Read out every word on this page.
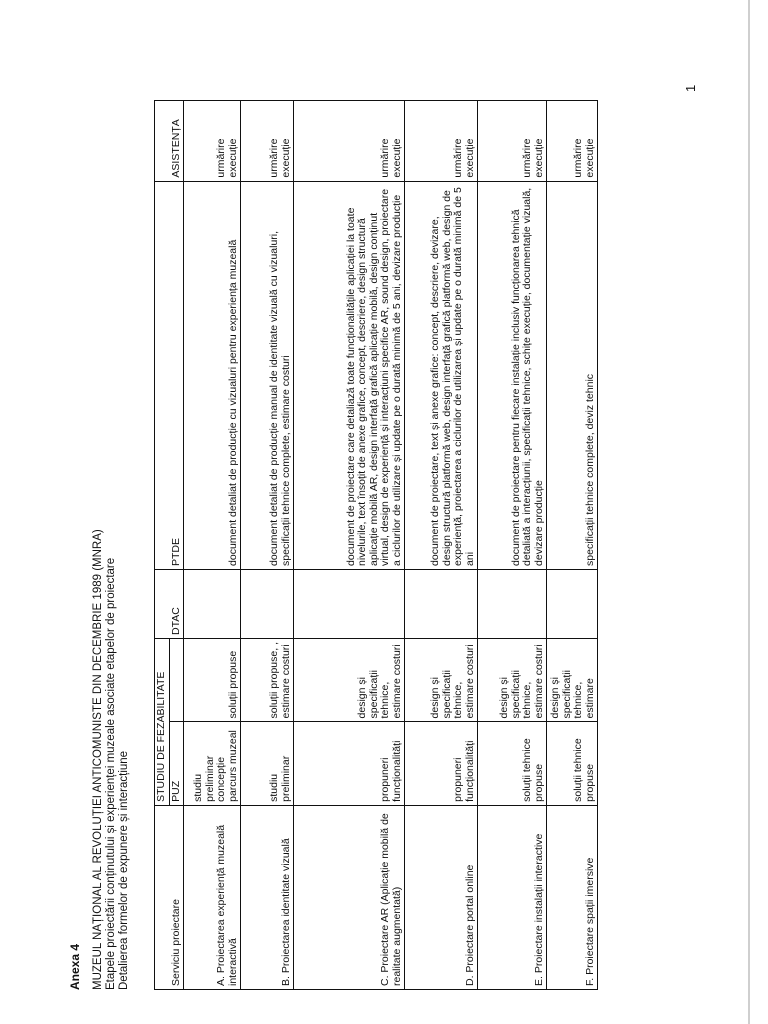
Anexa 4 MUZEUL NAȚIONAL AL REVOLUȚIEI ANTICOMUNISTE DIN DECEMBRIE 1989 (MNRA) Etapele proiectării conținutului și experienței muzeale asociate etapelor de proiectare Detalierea formelor de expunere și interacțiune	Serviciu proiectare	STUDIU DE FEZABILITATE		DTAC	PTDE	ASISTENȚA
	PUZ				
A. Proiectarea experiență muzeală interactivă	studiu preliminar concepție parcurs muzeal	soluții propuse		document detaliat de producție cu vizualuri pentru experiența muzeală	urmărire execuție
B. Proiectarea identitate vizuală	studiu preliminar	soluții propuse, , estimare costuri		document detaliat de producție manual de identitate vizuală cu vizualuri, specificații tehnice complete, estimare costuri	urmărire execuție
C. Proiectare AR (Aplicație mobilă de realitate augmentată)	propuneri funcționalități	design și specificații tehnice, estimare costuri		document de proiectare care detaliază toate funcționalitățile aplicației la toate nivelurile, text însoțit de anexe grafice, concept, descriere, design structură aplicație mobilă AR, design interfață grafică aplicație mobilă, design conținut virtual, design de experiență și interacțiuni specifice AR, sound design, proiectare a ciclurilor de utilizare și update pe o durată minimă de 5 ani, devizare producție	urmărire execuție
D. Proiectare portal online	propuneri funcționalități	design și specificații tehnice, estimare costuri		document de proiectare, text și anexe grafice: concept, descriere, devizare, design structură platformă web, design interfață grafică platformă web, design de experiență, proiectarea a ciclurilor de utilizarea și update pe o durată minimă de 5 ani	urmărire execuție
E. Proiectare instalații interactive	soluții tehnice propuse	design și specificații tehnice, estimare costuri		document de proiectare pentru fiecare instalație inclusiv funcționarea tehnică detaliată a interacțiunii, specificații tehnice, schițe execuție, documentație vizuală, devizare producție	urmărire execuție
F. Proiectare spații imersive	soluții tehnice propuse	design și specificații tehnice, estimare		specificații tehnice complete, deviz tehnic	urmărire execuție
1
